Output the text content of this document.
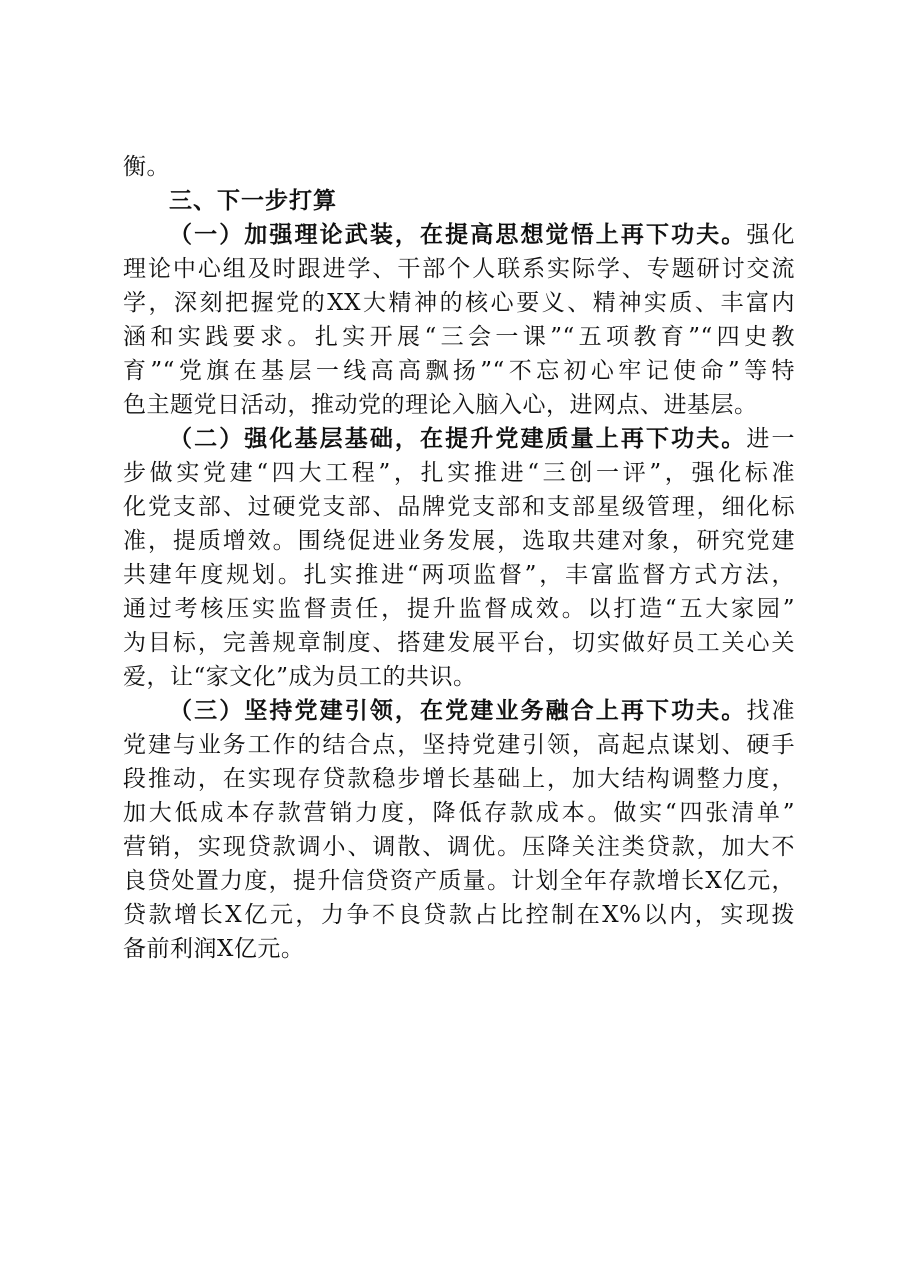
衡。
三、下一步打算
（一）加强理论武装，在提高思想觉悟上再下功夫。强化
理论中心组及时跟进学、干部个人联系实际学、专题研讨交流
学，深刻把握党的XX大精神的核心要义、精神实质、丰富内
涵和实践要求。扎实开展“三会一课”“五项教育”“四史教
育”“党旗在基层一线高高飘扬”“不忘初心牢记使命”等特
色主题党日活动，推动党的理论入脑入心，进网点、进基层。
（二）强化基层基础，在提升党建质量上再下功夫。进一
步做实党建“四大工程”，扎实推进“三创一评”，强化标准
化党支部、过硬党支部、品牌党支部和支部星级管理，细化标
准，提质增效。围绕促进业务发展，选取共建对象，研究党建
共建年度规划。扎实推进“两项监督”，丰富监督方式方法，
通过考核压实监督责任，提升监督成效。以打造“五大家园”
为目标，完善规章制度、搭建发展平台，切实做好员工关心关
爱，让“家文化”成为员工的共识。
（三）坚持党建引领，在党建业务融合上再下功夫。找准
党建与业务工作的结合点，坚持党建引领，高起点谋划、硬手
段推动，在实现存贷款稳步增长基础上，加大结构调整力度，
加大低成本存款营销力度，降低存款成本。做实“四张清单”
营销，实现贷款调小、调散、调优。压降关注类贷款，加大不
良贷处置力度，提升信贷资产质量。计划全年存款增长X亿元，
贷款增长X亿元，力争不良贷款占比控制在X%以内，实现拨
备前利润X亿元。
